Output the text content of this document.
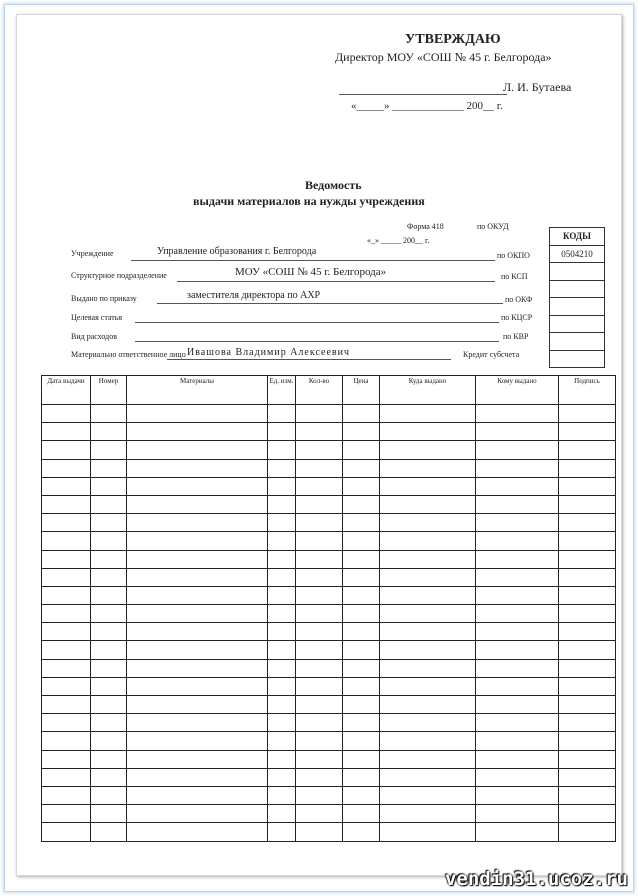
УТВЕРЖДАЮ
Директор МОУ «СОШ № 45 г. Белгорода»
Л. И. Бутаева
«_____» _____________ 200__ г.
Ведомость
выдачи материалов на нужды учреждения
Форма 418	по ОКУД
«_» _____ 200__ г.	КОДЫ
0504210

Учреждение	Управление образования г. Белгорода	по ОКПО
Структурное подразделение	МОУ «СОШ № 45 г. Белгорода»	по КСП
Выдано по приказу	заместителя директора по АХР	по ОКФ
Целевая статья	по КЦСР
Вид расходов	по КВР
Материально ответственное лицо Ивашова Владимир Алексеевич	Кредит субсчета
Дата выдачи	Номер	Материалы	Ед. изм.	Кол-во	Цена	Куда выдано	Кому выдано	Подпись

vendin31.ucoz.ru
